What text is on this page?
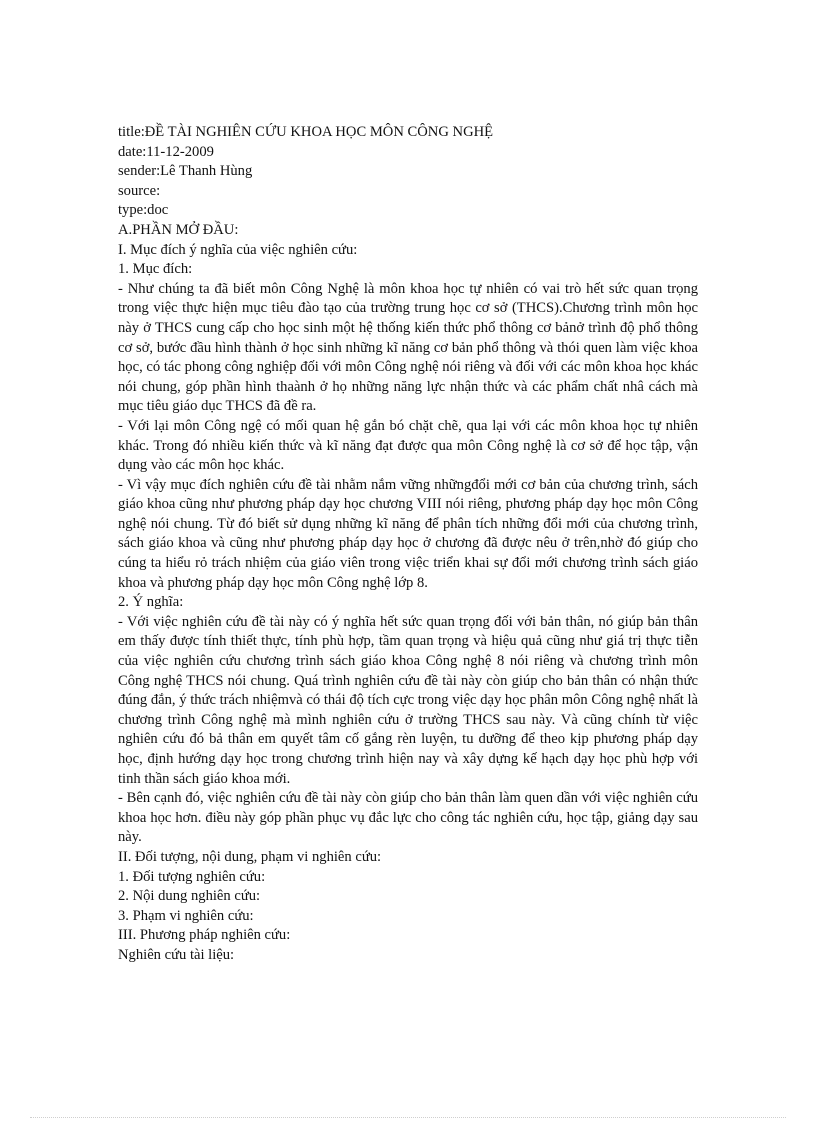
title:ĐỀ TÀI NGHIÊN CỨU KHOA HỌC MÔN CÔNG NGHỆ
date:11-12-2009
sender:Lê Thanh Hùng
source:
type:doc
A.PHẦN MỞ ĐẦU:
I. Mục đích ý nghĩa của việc nghiên cứu:
1. Mục đích:

- Như chúng ta đã biết môn Công Nghệ là môn khoa học tự nhiên có vai trò hết sức quan trọng trong việc thực hiện mục tiêu đào tạo của trường trung học cơ sở (THCS).Chương trình môn học này ở THCS cung cấp cho học sinh một hệ thống kiến thức phổ thông cơ bảnở trình độ phổ thông cơ sở, bước đầu hình thành ở học sinh những kĩ năng cơ bản phổ thông và thói quen làm việc khoa học, có tác phong công nghiệp đối với môn Công nghệ nói riêng và đối với các môn khoa học khác nói chung, góp phần hình thaành ở họ những năng lực nhận thức và các phẩm chất nhâ cách mà mục tiêu giáo dục THCS đã đề ra.

- Với lại môn Công ngệ có mối quan hệ gắn bó chặt chẽ, qua lại với các môn khoa học tự nhiên khác. Trong đó nhiều kiến thức và kĩ năng đạt được qua môn Công nghệ là cơ sở để học tập, vận dụng vào các môn học khác.

- Vì vậy mục đích nghiên cứu đề tài nhằm nắm vững nhữngđổi mới cơ bản của chương trình, sách giáo khoa cũng như phương pháp dạy học chương VIII nói riêng, phương pháp dạy học môn Công nghệ nói chung. Từ đó biết sử dụng những kĩ năng để phân tích những đổi mới của chương trình, sách giáo khoa và cũng như phương pháp dạy học ở chương đã được nêu ở trên,nhờ đó giúp cho cúng ta hiểu rỏ trách nhiệm của giáo viên trong việc triển khai sự đổi mới chương trình sách giáo khoa và phương pháp dạy học môn Công nghệ lớp 8.

2. Ý nghĩa:

- Với việc nghiên cứu đề tài này có ý nghĩa hết sức quan trọng đối với bản thân, nó giúp bản thân em thấy được tính thiết thực, tính phù hợp, tầm quan trọng và hiệu quả cũng như giá trị thực tiễn của việc nghiên cứu chương trình sách giáo khoa Công nghệ 8 nói riêng và chương trình môn Công nghệ THCS nói chung. Quá trình nghiên cứu đề tài này còn giúp cho bản thân có nhận thức đúng đắn, ý thức trách nhiệmvà có thái độ tích cực trong việc dạy học phân môn Công nghệ nhất là chương trình Công nghệ mà mình nghiên cứu ở trường THCS sau này. Và cũng chính từ việc nghiên cứu đó bả thân em quyết tâm cố gắng rèn luyện, tu dưỡng để theo kịp phương pháp dạy học, định hướng dạy học trong chương trình hiện nay và xây dựng kế hạch dạy học phù hợp với tinh thần sách giáo khoa mới.

- Bên cạnh đó, việc nghiên cứu đề tài này còn giúp cho bản thân làm quen dần với việc nghiên cứu khoa học hơn. điều này góp phần phục vụ đắc lực cho công tác nghiên cứu, học tập, giảng dạy sau này.

II. Đối tượng, nội dung, phạm vi nghiên cứu:
1. Đối tượng nghiên cứu:
2. Nội dung nghiên cứu:
3. Phạm vi nghiên cứu:
III. Phương pháp nghiên cứu:
Nghiên cứu tài liệu:
